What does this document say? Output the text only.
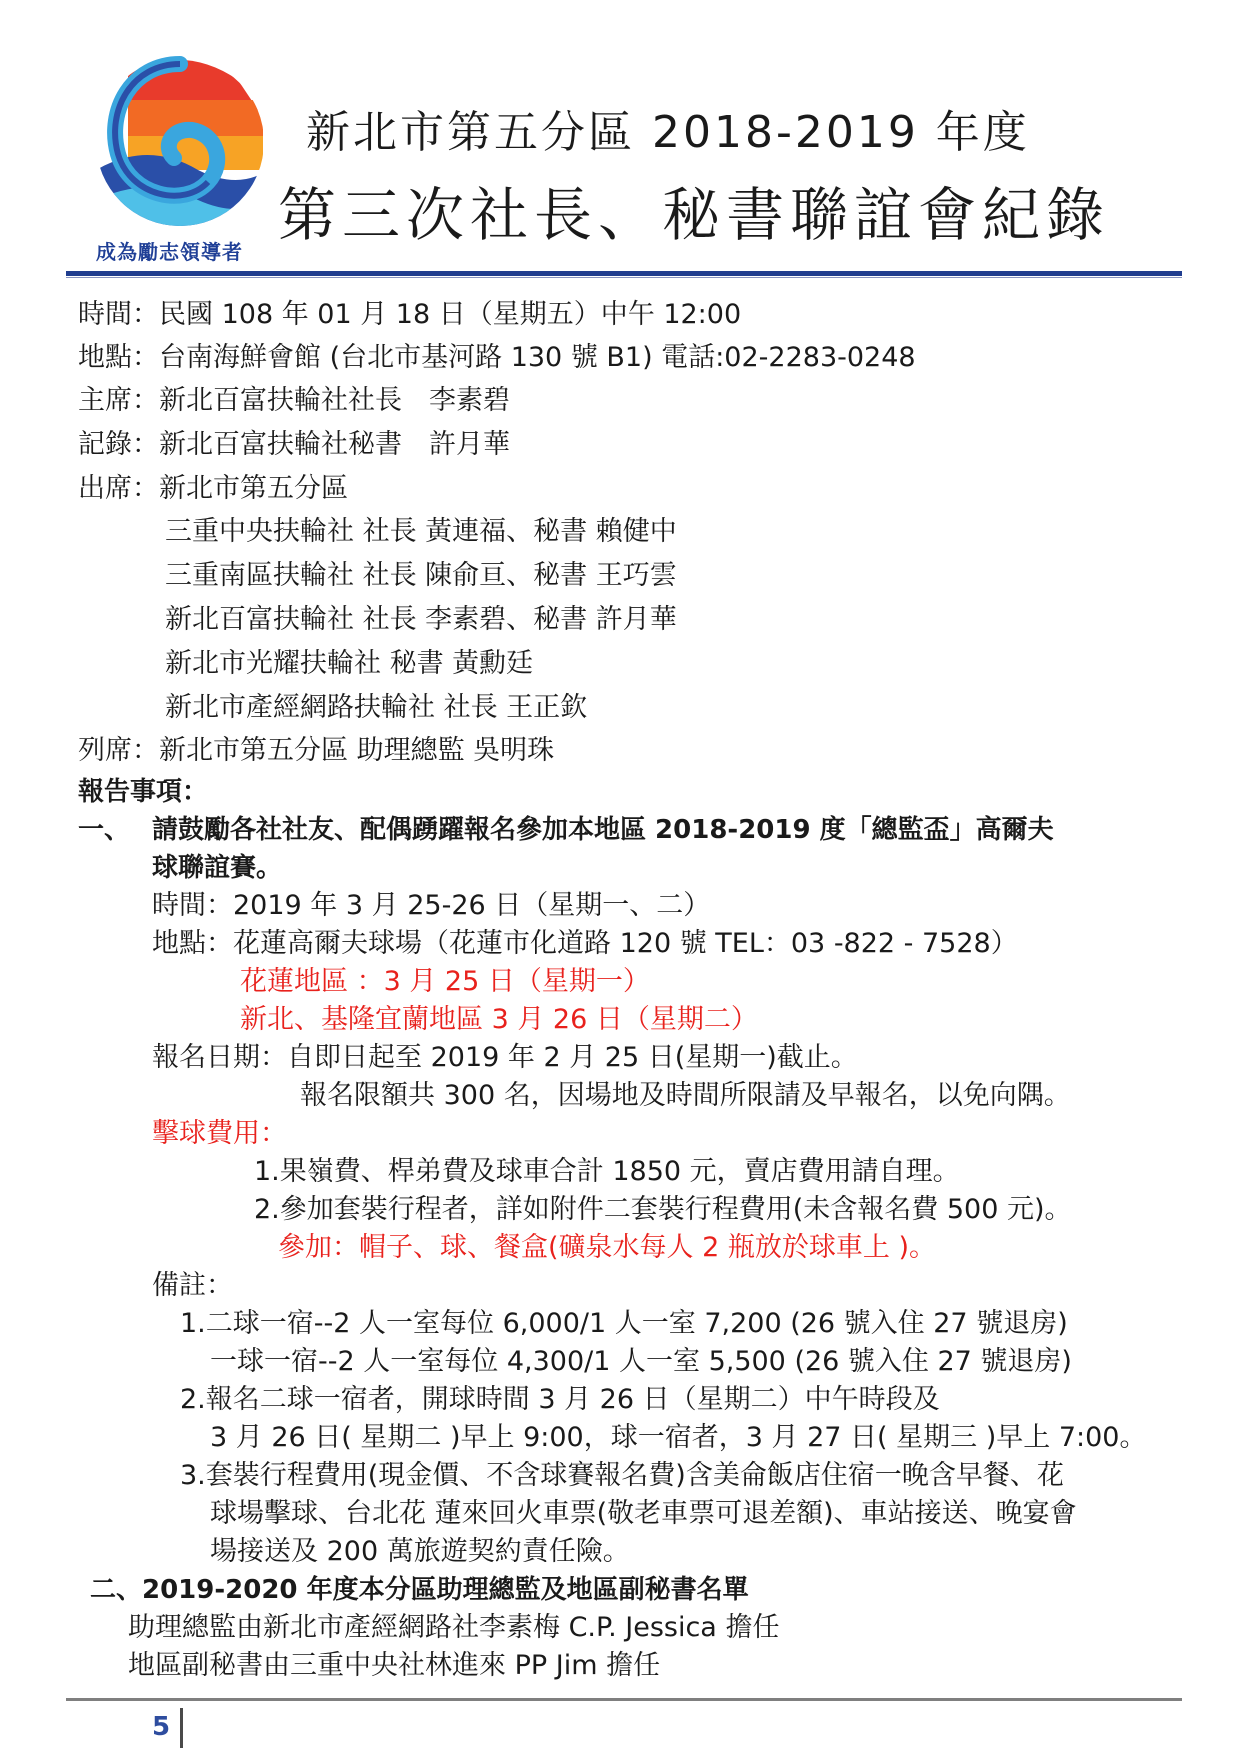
成為勵志領導者
新北市第五分區 2018-2019 年度
第三次社長、秘書聯誼會紀錄
時間：民國 108 年 01 月 18 日（星期五）中午 12:00
地點：台南海鮮會館 (台北市基河路 130 號 B1) 電話:02-2283-0248
主席：新北百富扶輪社社長　李素碧
記錄：新北百富扶輪社秘書　許月華
出席：新北市第五分區
三重中央扶輪社 社長 黃連福、秘書 賴健中
三重南區扶輪社 社長 陳俞亘、秘書 王巧雲
新北百富扶輪社 社長 李素碧、秘書 許月華
新北市光耀扶輪社 秘書 黃勳廷
新北市產經網路扶輪社 社長 王正欽
列席：新北市第五分區 助理總監 吳明珠
報告事項：
一、 請鼓勵各社社友、配偶踴躍報名參加本地區 2018-2019 度「總監盃」高爾夫
球聯誼賽。
時間：2019 年 3 月 25-26 日（星期一、二）
地點：花蓮高爾夫球場（花蓮市化道路 120 號 TEL：03 -822 - 7528）
花蓮地區 ：3 月 25 日（星期一）
新北、基隆宜蘭地區 3 月 26 日（星期二）
報名日期：自即日起至 2019 年 2 月 25 日(星期一)截止。
報名限額共 300 名，因場地及時間所限請及早報名，以免向隅。
擊球費用：
1.果嶺費、桿弟費及球車合計 1850 元，賣店費用請自理。
2.參加套裝行程者，詳如附件二套裝行程費用(未含報名費 500 元)。
參加：帽子、球、餐盒(礦泉水每人 2 瓶放於球車上 )。
備註：
1.二球一宿--2 人一室每位 6,000/1 人一室 7,200 (26 號入住 27 號退房)
一球一宿--2 人一室每位 4,300/1 人一室 5,500 (26 號入住 27 號退房)
2.報名二球一宿者，開球時間 3 月 26 日（星期二）中午時段及
3 月 26 日( 星期二 )早上 9:00，球一宿者，3 月 27 日( 星期三 )早上 7:00。
3.套裝行程費用(現金價、不含球賽報名費)含美侖飯店住宿一晚含早餐、花
球場擊球、台北花 蓮來回火車票(敬老車票可退差額)、車站接送、晚宴會
場接送及 200 萬旅遊契約責任險。
二、2019-2020 年度本分區助理總監及地區副秘書名單
助理總監由新北市產經網路社李素梅 C.P. Jessica 擔任
地區副秘書由三重中央社林進來 PP Jim 擔任
5
